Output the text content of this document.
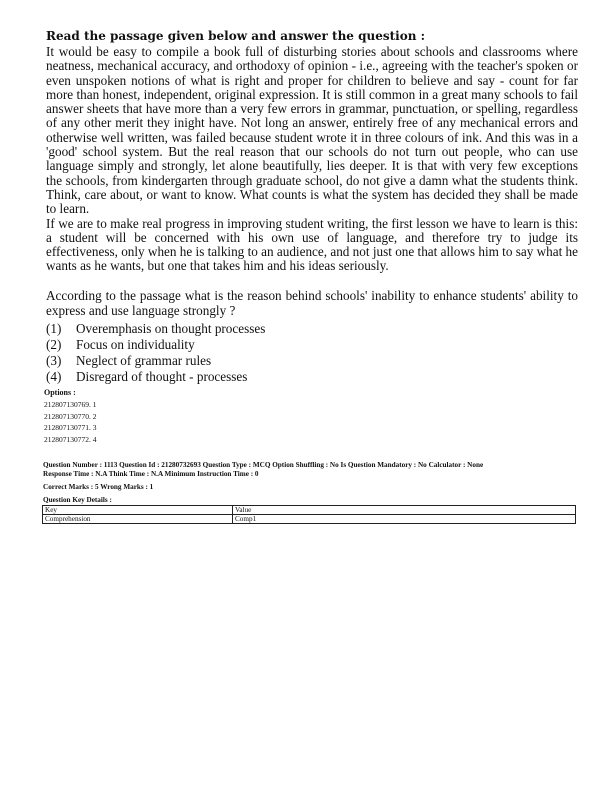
Read the passage given below and answer the question :

It would be easy to compile a book full of disturbing stories about schools and classrooms where neatness, mechanical accuracy, and orthodoxy of opinion - i.e., agreeing with the teacher's spoken or even unspoken notions of what is right and proper for children to believe and say - count for far more than honest, independent, original expression. It is still common in a great many schools to fail answer sheets that have more than a very few errors in grammar, punctuation, or spelling, regardless of any other merit they inight have. Not long an answer, entirely free of any mechanical errors and otherwise well written, was failed because student wrote it in three colours of ink. And this was in a 'good' school system. But the real reason that our schools do not turn out people, who can use language simply and strongly, let alone beautifully, lies deeper. It is that with very few exceptions the schools, from kindergarten through graduate school, do not give a damn what the students think. Think, care about, or want to know. What counts is what the system has decided they shall be made to learn.

If we are to make real progress in improving student writing, the first lesson we have to learn is this: a student will be concerned with his own use of language, and therefore try to judge its effectiveness, only when he is talking to an audience, and not just one that allows him to say what he wants as he wants, but one that takes him and his ideas seriously.

According to the passage what is the reason behind schools' inability to enhance students' ability to express and use language strongly ?
(1)	Overemphasis on thought processes
(2)	Focus on individuality
(3)	Neglect of grammar rules
(4)	Disregard of thought - processes
Options :
212807130769. 1
212807130770. 2
212807130771. 3
212807130772. 4
Question Number : 1113 Question Id : 21280732693 Question Type : MCQ Option Shuffling : No Is Question Mandatory : No Calculator : None
Response Time : N.A Think Time : N.A Minimum Instruction Time : 0
Correct Marks : 5 Wrong Marks : 1
Question Key Details :
Key	Value
Comprehension	Comp1
